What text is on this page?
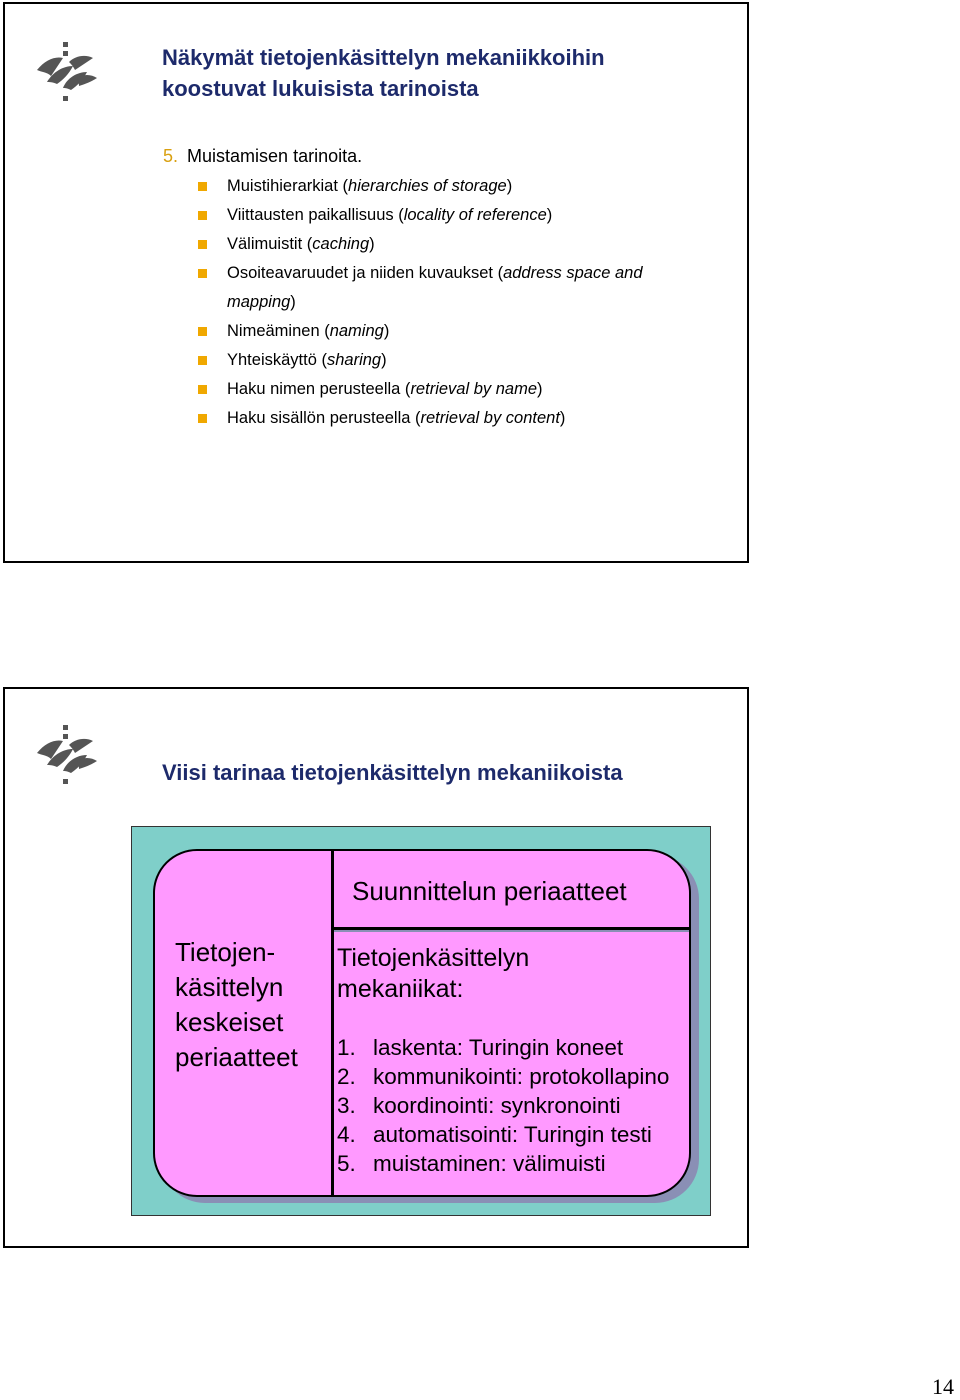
Näkymät tietojenkäsittelyn mekaniikkoihin
koostuvat lukuisista tarinoista
5. Muistamisen tarinoita.
Muistihierarkiat (hierarchies of storage)
Viittausten paikallisuus (locality of reference)
Välimuistit (caching)
Osoiteavaruudet ja niiden kuvaukset (address space and
mapping)
Nimeäminen (naming)
Yhteiskäyttö (sharing)
Haku nimen perusteella (retrieval by name)
Haku sisällön perusteella (retrieval by content)
Viisi tarinaa tietojenkäsittelyn mekaniikoista
Tietojen-
käsittelyn
keskeiset
periaatteet
Suunnittelun periaatteet
Tietojenkäsittelyn
mekaniikat:
1. laskenta: Turingin koneet
2. kommunikointi: protokollapino
3. koordinointi: synkronointi
4. automatisointi: Turingin testi
5. muistaminen: välimuisti
14
